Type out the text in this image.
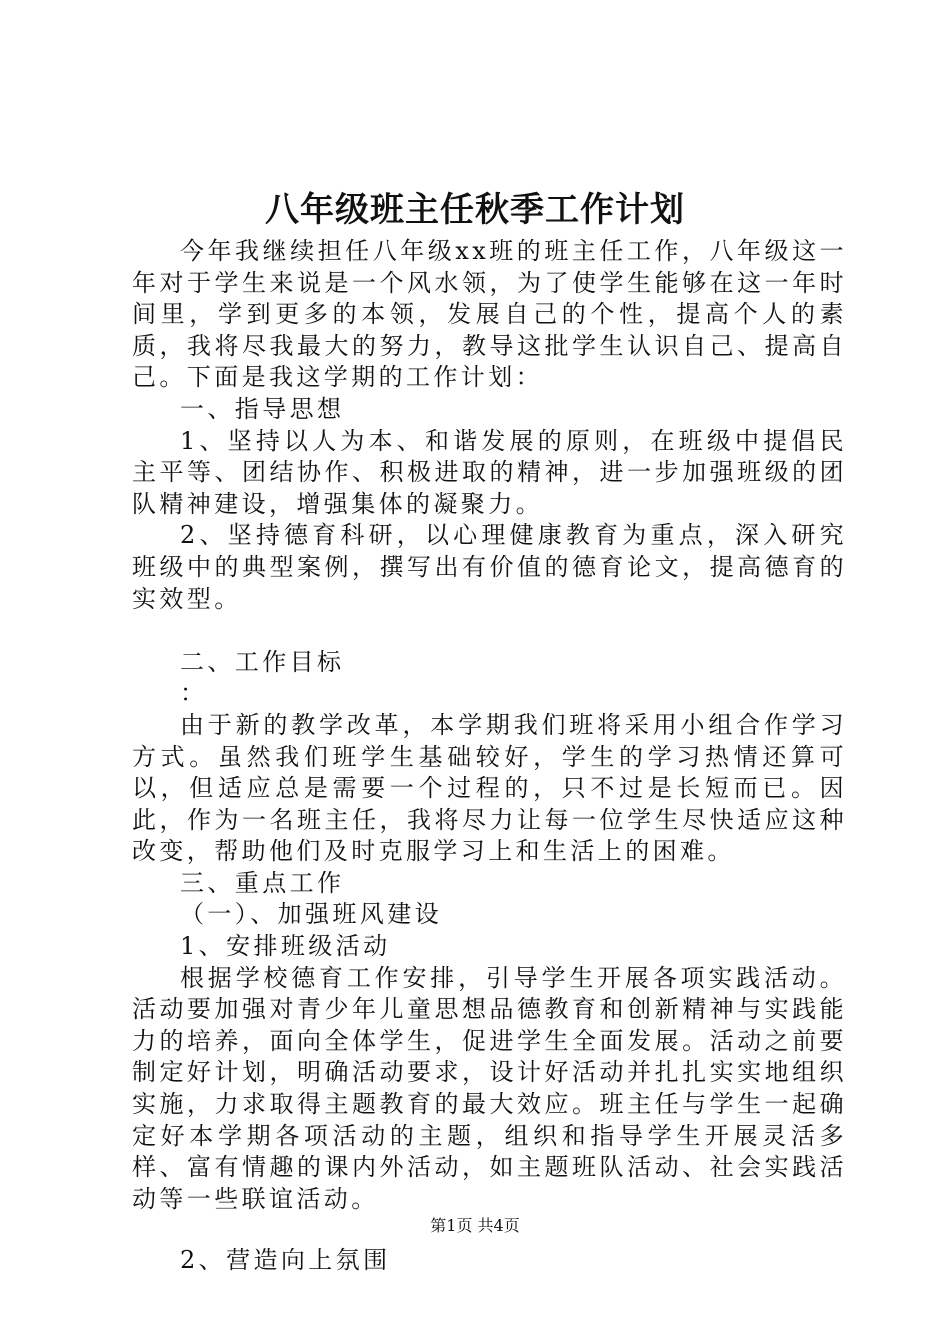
八年级班主任秋季工作计划

今年我继续担任八年级xx班的班主任工作，八年级这一年对于学生来说是一个风水领，为了使学生能够在这一年时间里，学到更多的本领，发展自己的个性，提高个人的素质，我将尽我最大的努力，教导这批学生认识自己、提高自己。下面是我这学期的工作计划：

一、指导思想

1、坚持以人为本、和谐发展的原则，在班级中提倡民主平等、团结协作、积极进取的精神，进一步加强班级的团队精神建设，增强集体的凝聚力。

2、坚持德育科研，以心理健康教育为重点，深入研究班级中的典型案例，撰写出有价值的德育论文，提高德育的实效型。

二、工作目标

：

由于新的教学改革，本学期我们班将采用小组合作学习方式。虽然我们班学生基础较好，学生的学习热情还算可以，但适应总是需要一个过程的，只不过是长短而已。因此，作为一名班主任，我将尽力让每一位学生尽快适应这种改变，帮助他们及时克服学习上和生活上的困难。

三、重点工作

（一）、加强班风建设

1、安排班级活动

根据学校德育工作安排，引导学生开展各项实践活动。活动要加强对青少年儿童思想品德教育和创新精神与实践能力的培养，面向全体学生，促进学生全面发展。活动之前要制定好计划，明确活动要求，设计好活动并扎扎实实地组织实施，力求取得主题教育的最大效应。班主任与学生一起确定好本学期各项活动的主题，组织和指导学生开展灵活多样、富有情趣的课内外活动，如主题班队活动、社会实践活动等一些联谊活动。

2、营造向上氛围

第1页 共4页
